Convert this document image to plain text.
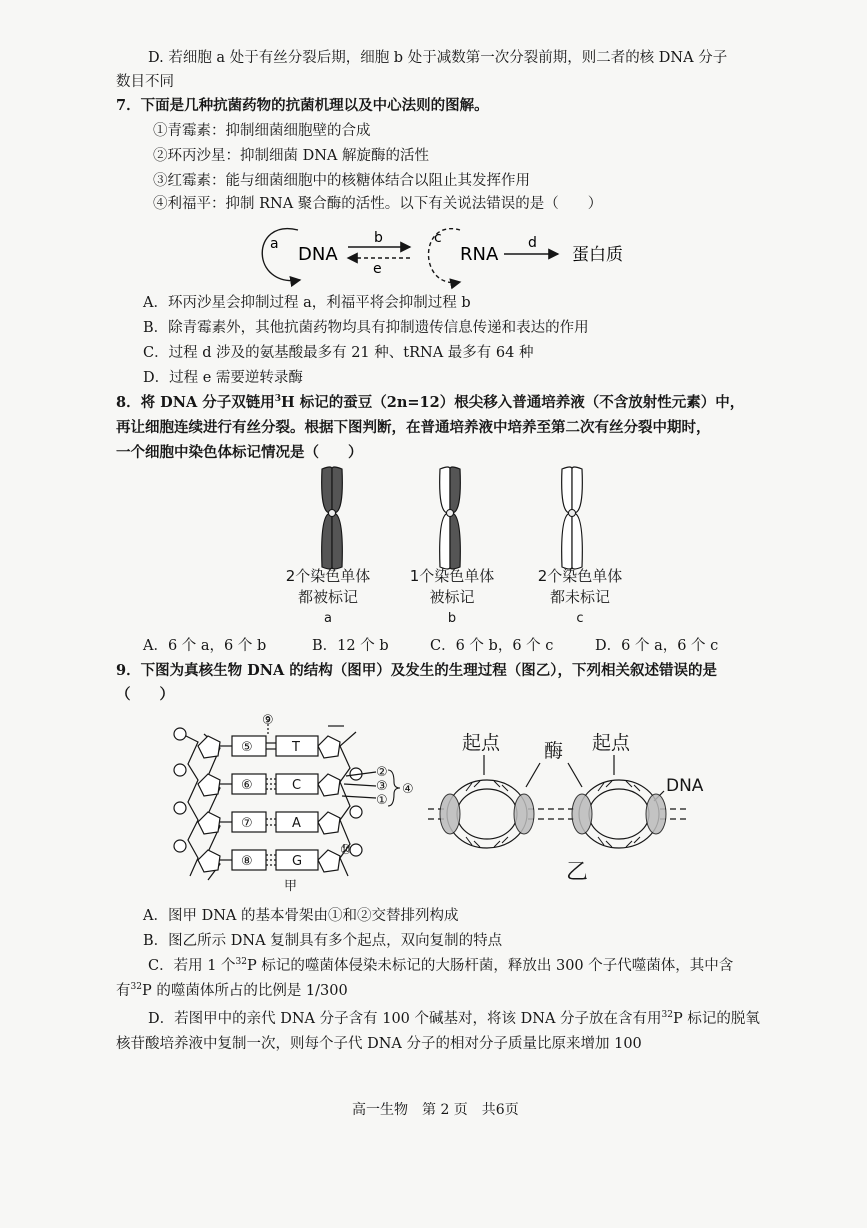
D. 若细胞 a 处于有丝分裂后期，细胞 b 处于减数第一次分裂前期，则二者的核 DNA 分子
数目不同
7．下面是几种抗菌药物的抗菌机理以及中心法则的图解。
①青霉素：抑制细菌细胞壁的合成
②环丙沙星：抑制细菌 DNA 解旋酶的活性
③红霉素：能与细菌细胞中的核糖体结合以阻止其发挥作用
④利福平：抑制 RNA 聚合酶的活性。以下有关说法错误的是（　　）
a DNA
b
e
c
RNA
d
蛋白质
A．环丙沙星会抑制过程 a，利福平将会抑制过程 b
B．除青霉素外，其他抗菌药物均具有抑制遗传信息传递和表达的作用
C．过程 d 涉及的氨基酸最多有 21 种、tRNA 最多有 64 种
D．过程 e 需要逆转录酶
8．将 DNA 分子双链用$^3$H 标记的蚕豆（2n=12）根尖移入普通培养液（不含放射性元素）中，
再让细胞连续进行有丝分裂。根据下图判断，在普通培养液中培养至第二次有丝分裂中期时，
一个细胞中染色体标记情况是（　　）
2个染色单体
都被标记
a
1个染色单体
被标记
b
2个染色单体
都未标记
c
A．6 个 a，6 个 b	B．12 个 b	C．6 个 b，6 个 c	D．6 个 a，6 个 c
9．下图为真核生物 DNA 的结构（图甲）及发生的生理过程（图乙），下列相关叙述错误的是
（　　）
⑤
⑥
⑦
⑧
T
C
A
G
⑨
②
③
①
④
⑩
甲
起点 酶 起点
DNA
乙
A．图甲 DNA 的基本骨架由①和②交替排列构成
B．图乙所示 DNA 复制具有多个起点，双向复制的特点
C．若用 1 个$^{32}$P 标记的噬菌体侵染未标记的大肠杆菌，释放出 300 个子代噬菌体，其中含
有$^{32}$P 的噬菌体所占的比例是 1/300
D．若图甲中的亲代 DNA 分子含有 100 个碱基对，将该 DNA 分子放在含有用$^{32}$P 标记的脱氧
核苷酸培养液中复制一次，则每个子代 DNA 分子的相对分子质量比原来增加 100
高一生物　第 2 页　共6页
